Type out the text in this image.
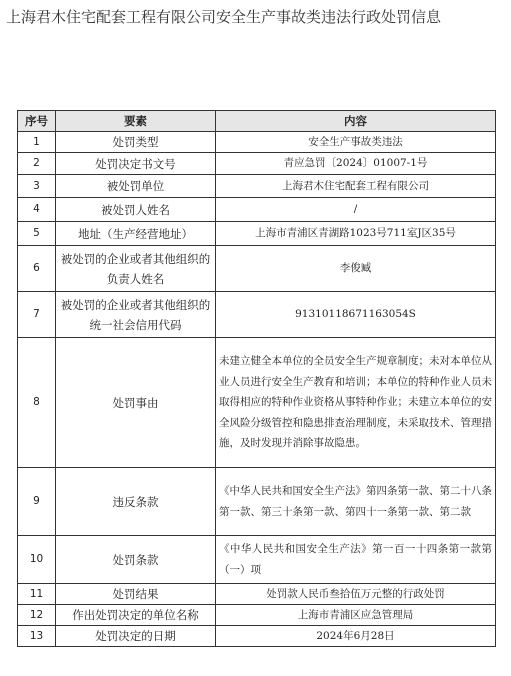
上海君木住宅配套工程有限公司安全生产事故类违法行政处罚信息
序号	要素	内容
1	处罚类型	安全生产事故类违法
2	处罚决定书文号	青应急罚〔2024〕01007-1号
3	被处罚单位	上海君木住宅配套工程有限公司
4	被处罚人姓名	/
5	地址（生产经营地址）	上海市青浦区青湖路1023号711室J区35号
6	被处罚的企业或者其他组织的负责人姓名	李俊臧
7	被处罚的企业或者其他组织的统一社会信用代码	91310118671163054S
8	处罚事由	未建立健全本单位的全员安全生产规章制度；未对本单位从业人员进行安全生产教育和培训；本单位的特种作业人员未取得相应的特种作业资格从事特种作业；未建立本单位的安全风险分级管控和隐患排查治理制度，未采取技术、管理措施，及时发现并消除事故隐患。
9	违反条款	《中华人民共和国安全生产法》第四条第一款、第二十八条第一款、第三十条第一款、第四十一条第一款、第二款
10	处罚条款	《中华人民共和国安全生产法》第一百一十四条第一款第（一）项
11	处罚结果	处罚款人民币叁拾伍万元整的行政处罚
12	作出处罚决定的单位名称	上海市青浦区应急管理局
13	处罚决定的日期	2024年6月28日
